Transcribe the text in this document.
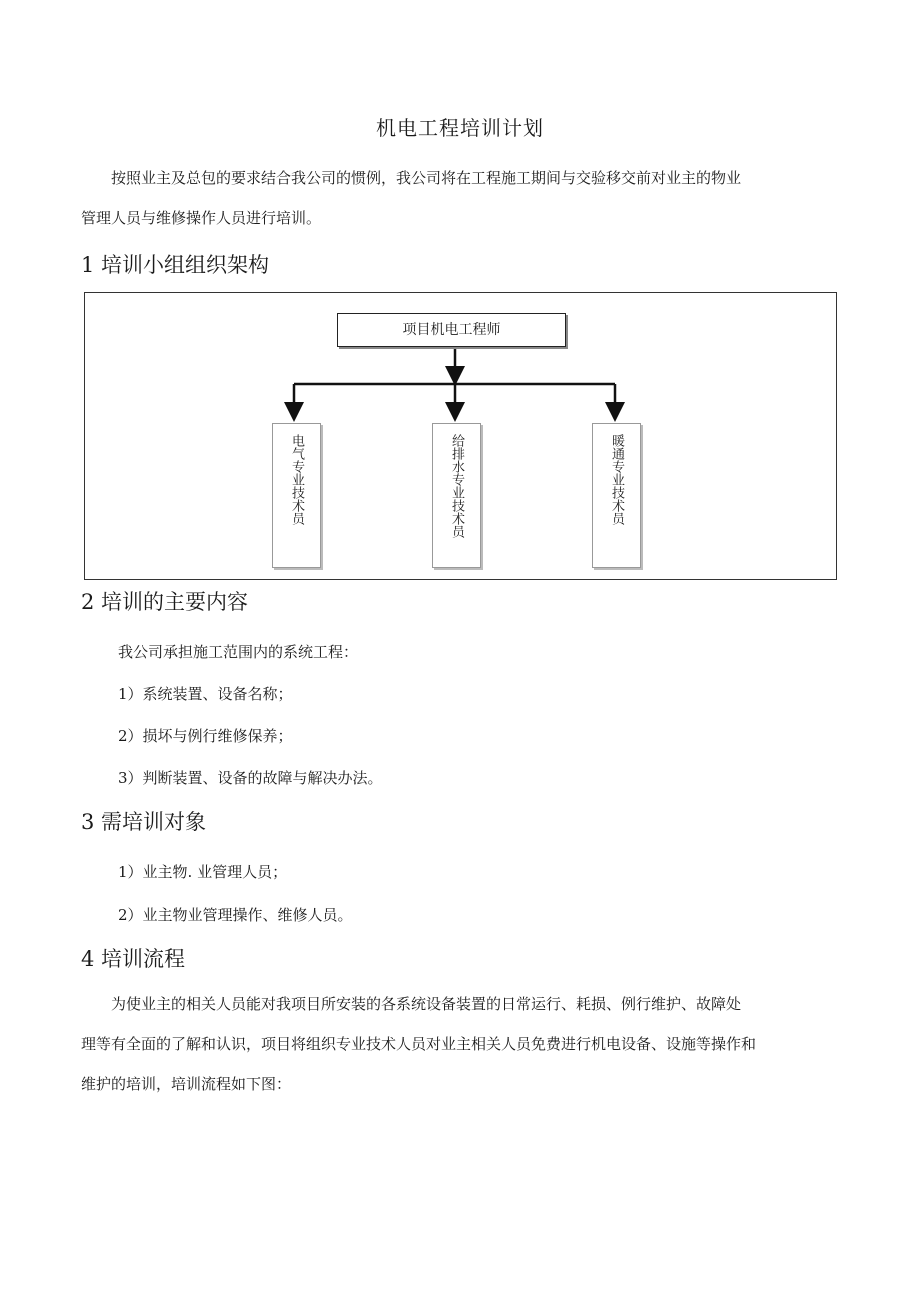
机电工程培训计划
按照业主及总包的要求结合我公司的惯例，我公司将在工程施工期间与交验移交前对业主的物业
管理人员与维修操作人员进行培训。
1 培训小组组织架构
项目机电工程师
电气专业技术员	给排水专业技术员	暖通专业技术员
2 培训的主要内容
我公司承担施工范围内的系统工程：
1）系统装置、设备名称；
2）损坏与例行维修保养；
3）判断装置、设备的故障与解决办法。
3 需培训对象
1）业主物. 业管理人员；
2）业主物业管理操作、维修人员。
4 培训流程
为使业主的相关人员能对我项目所安装的各系统设备装置的日常运行、耗损、例行维护、故障处
理等有全面的了解和认识，项目将组织专业技术人员对业主相关人员免费进行机电设备、设施等操作和
维护的培训，培训流程如下图：
